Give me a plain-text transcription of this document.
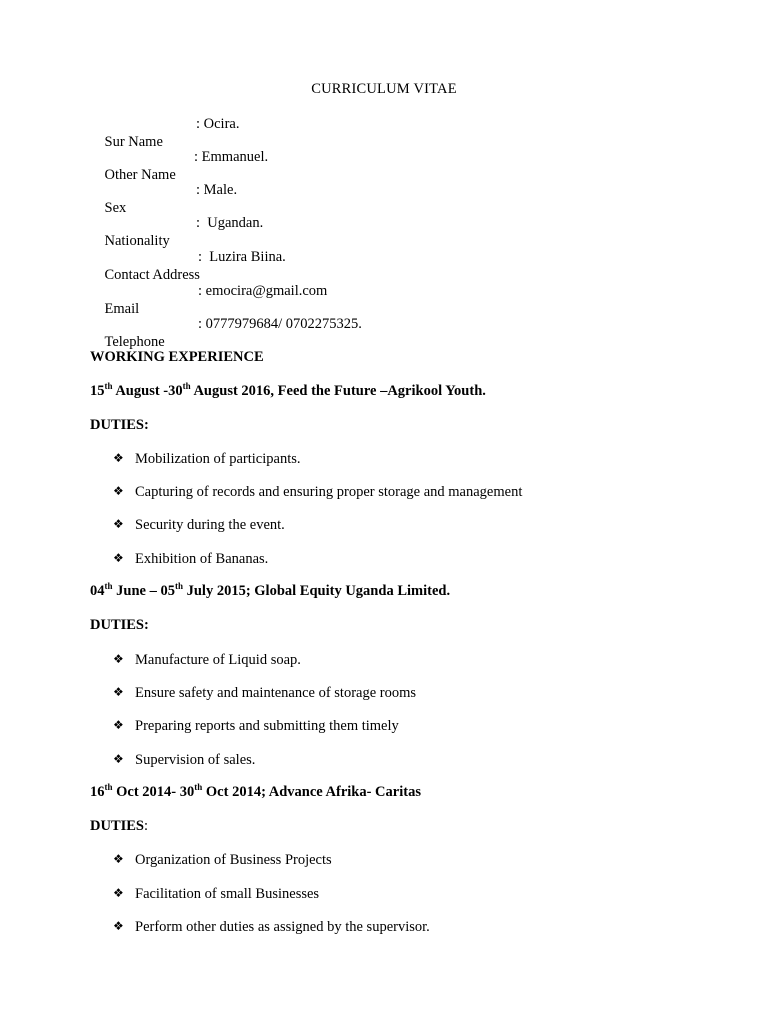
CURRICULUM VITAE

Sur Name

: Ocira.

Other Name

: Emmanuel.

Sex

: Male.

Nationality

:  Ugandan.

Contact Address

:  Luzira Biina.

Email

: emocira@gmail.com

Telephone

: 0777979684/ 0702275325.

WORKING EXPERIENCE
15th August -30th August 2016, Feed the Future –Agrikool Youth.
DUTIES:
❖ Mobilization of participants.
❖ Capturing of records and ensuring proper storage and management
❖ Security during the event.
❖ Exhibition of Bananas.
04th June – 05th July 2015; Global Equity Uganda Limited.
DUTIES:
❖ Manufacture of Liquid soap.
❖ Ensure safety and maintenance of storage rooms
❖ Preparing reports and submitting them timely
❖ Supervision of sales.
16th Oct 2014- 30th Oct 2014; Advance Afrika- Caritas
DUTIES:
❖ Organization of Business Projects
❖ Facilitation of small Businesses
❖ Perform other duties as assigned by the supervisor.
